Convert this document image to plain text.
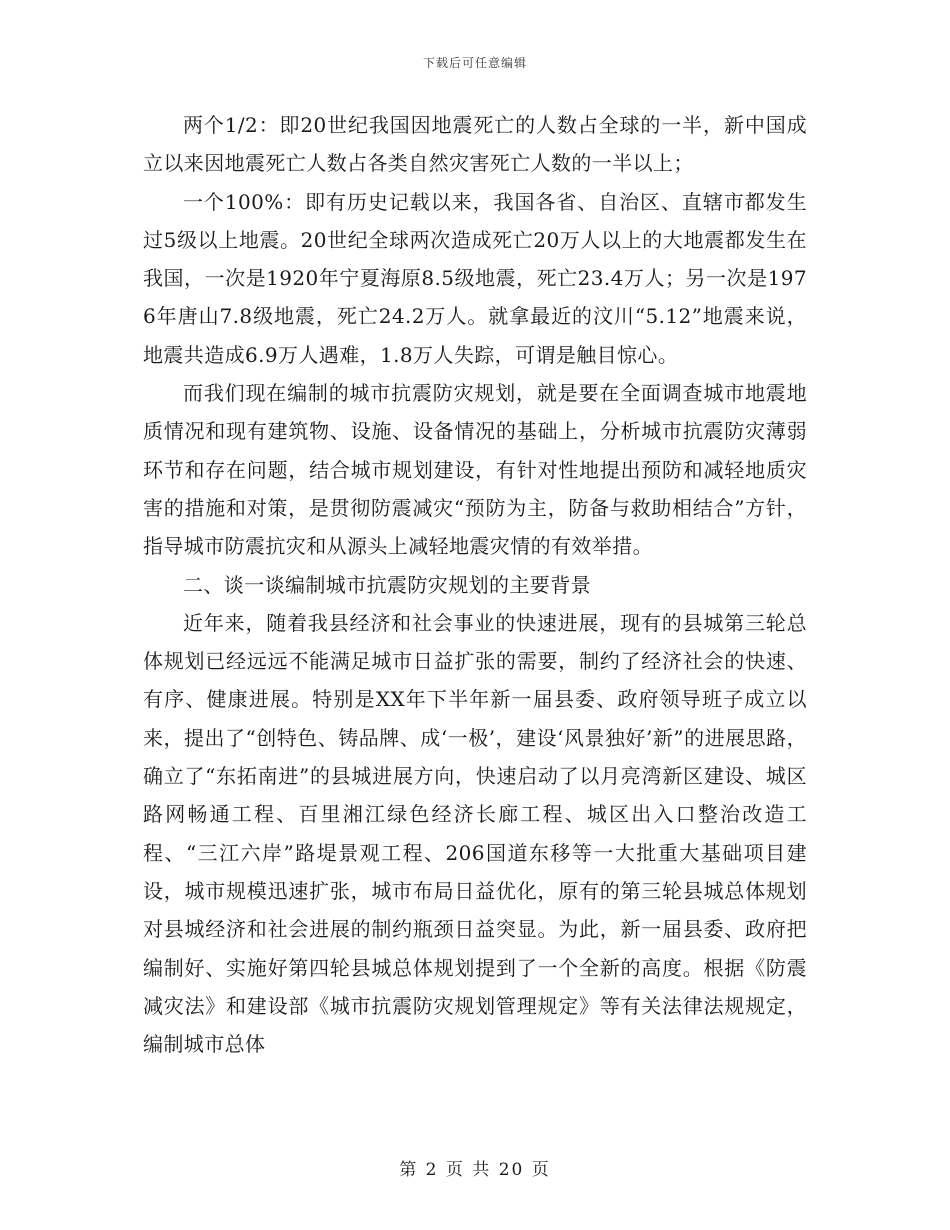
下载后可任意编辑

两个1/2：即20世纪我国因地震死亡的人数占全球的一半，新中国成立以来因地震死亡人数占各类自然灾害死亡人数的一半以上；

一个100%：即有历史记载以来，我国各省、自治区、直辖市都发生过5级以上地震。20世纪全球两次造成死亡20万人以上的大地震都发生在我国，一次是1920年宁夏海原8.5级地震，死亡23.4万人；另一次是1976年唐山7.8级地震，死亡24.2万人。就拿最近的汶川“5.12”地震来说，地震共造成6.9万人遇难，1.8万人失踪，可谓是触目惊心。

而我们现在编制的城市抗震防灾规划，就是要在全面调查城市地震地质情况和现有建筑物、设施、设备情况的基础上，分析城市抗震防灾薄弱环节和存在问题，结合城市规划建设，有针对性地提出预防和减轻地质灾害的措施和对策，是贯彻防震减灾“预防为主，防备与救助相结合”方针，指导城市防震抗灾和从源头上减轻地震灾情的有效举措。

二、谈一谈编制城市抗震防灾规划的主要背景

近年来，随着我县经济和社会事业的快速进展，现有的县城第三轮总体规划已经远远不能满足城市日益扩张的需要，制约了经济社会的快速、有序、健康进展。特别是XX年下半年新一届县委、政府领导班子成立以来，提出了“创特色、铸品牌、成‘一极’，建设‘风景独好’新”的进展思路，确立了“东拓南进”的县城进展方向，快速启动了以月亮湾新区建设、城区路网畅通工程、百里湘江绿色经济长廊工程、城区出入口整治改造工程、“三江六岸”路堤景观工程、206国道东移等一大批重大基础项目建设，城市规模迅速扩张，城市布局日益优化，原有的第三轮县城总体规划对县城经济和社会进展的制约瓶颈日益突显。为此，新一届县委、政府把编制好、实施好第四轮县城总体规划提到了一个全新的高度。根据《防震减灾法》和建设部《城市抗震防灾规划管理规定》等有关法律法规规定，编制城市总体

第 2 页 共 20 页
